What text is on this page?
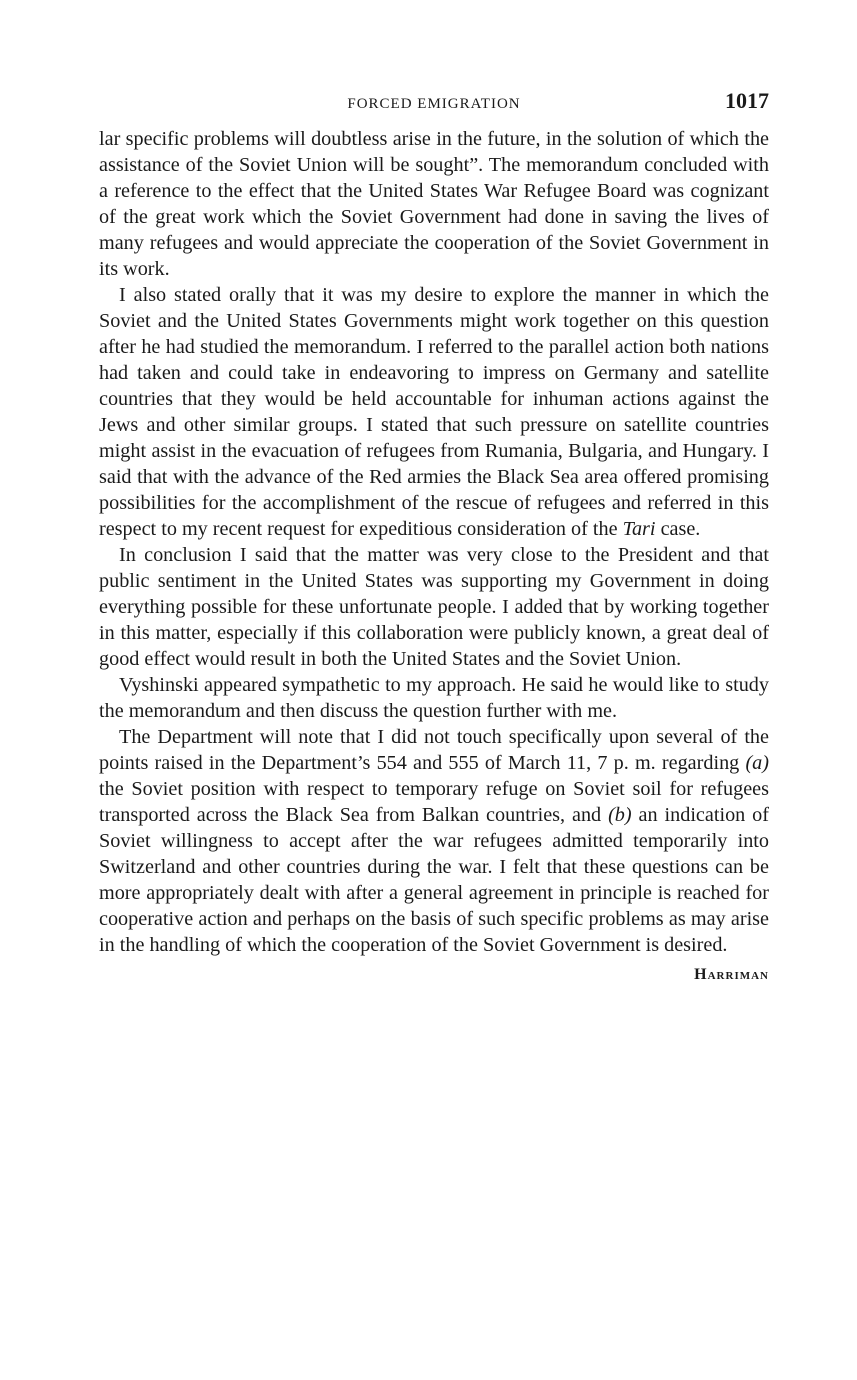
FORCED EMIGRATION	1017

lar specific problems will doubtless arise in the future, in the solution of which the assistance of the Soviet Union will be sought”. The memorandum concluded with a reference to the effect that the United States War Refugee Board was cognizant of the great work which the Soviet Government had done in saving the lives of many refugees and would appreciate the cooperation of the Soviet Government in its work.

I also stated orally that it was my desire to explore the manner in which the Soviet and the United States Governments might work together on this question after he had studied the memorandum. I referred to the parallel action both nations had taken and could take in endeavoring to impress on Germany and satellite countries that they would be held accountable for inhuman actions against the Jews and other similar groups. I stated that such pressure on satellite countries might assist in the evacuation of refugees from Rumania, Bulgaria, and Hungary. I said that with the advance of the Red armies the Black Sea area offered promising possibilities for the accomplishment of the rescue of refugees and referred in this respect to my recent request for expeditious consideration of the Tari case.

In conclusion I said that the matter was very close to the President and that public sentiment in the United States was supporting my Government in doing everything possible for these unfortunate people. I added that by working together in this matter, especially if this collaboration were publicly known, a great deal of good effect would result in both the United States and the Soviet Union.

Vyshinski appeared sympathetic to my approach. He said he would like to study the memorandum and then discuss the question further with me.

The Department will note that I did not touch specifically upon several of the points raised in the Department’s 554 and 555 of March 11, 7 p. m. regarding (a) the Soviet position with respect to temporary refuge on Soviet soil for refugees transported across the Black Sea from Balkan countries, and (b) an indication of Soviet willingness to accept after the war refugees admitted temporarily into Switzerland and other countries during the war. I felt that these questions can be more appropriately dealt with after a general agreement in principle is reached for cooperative action and perhaps on the basis of such specific problems as may arise in the handling of which the cooperation of the Soviet Government is desired.

Harriman
